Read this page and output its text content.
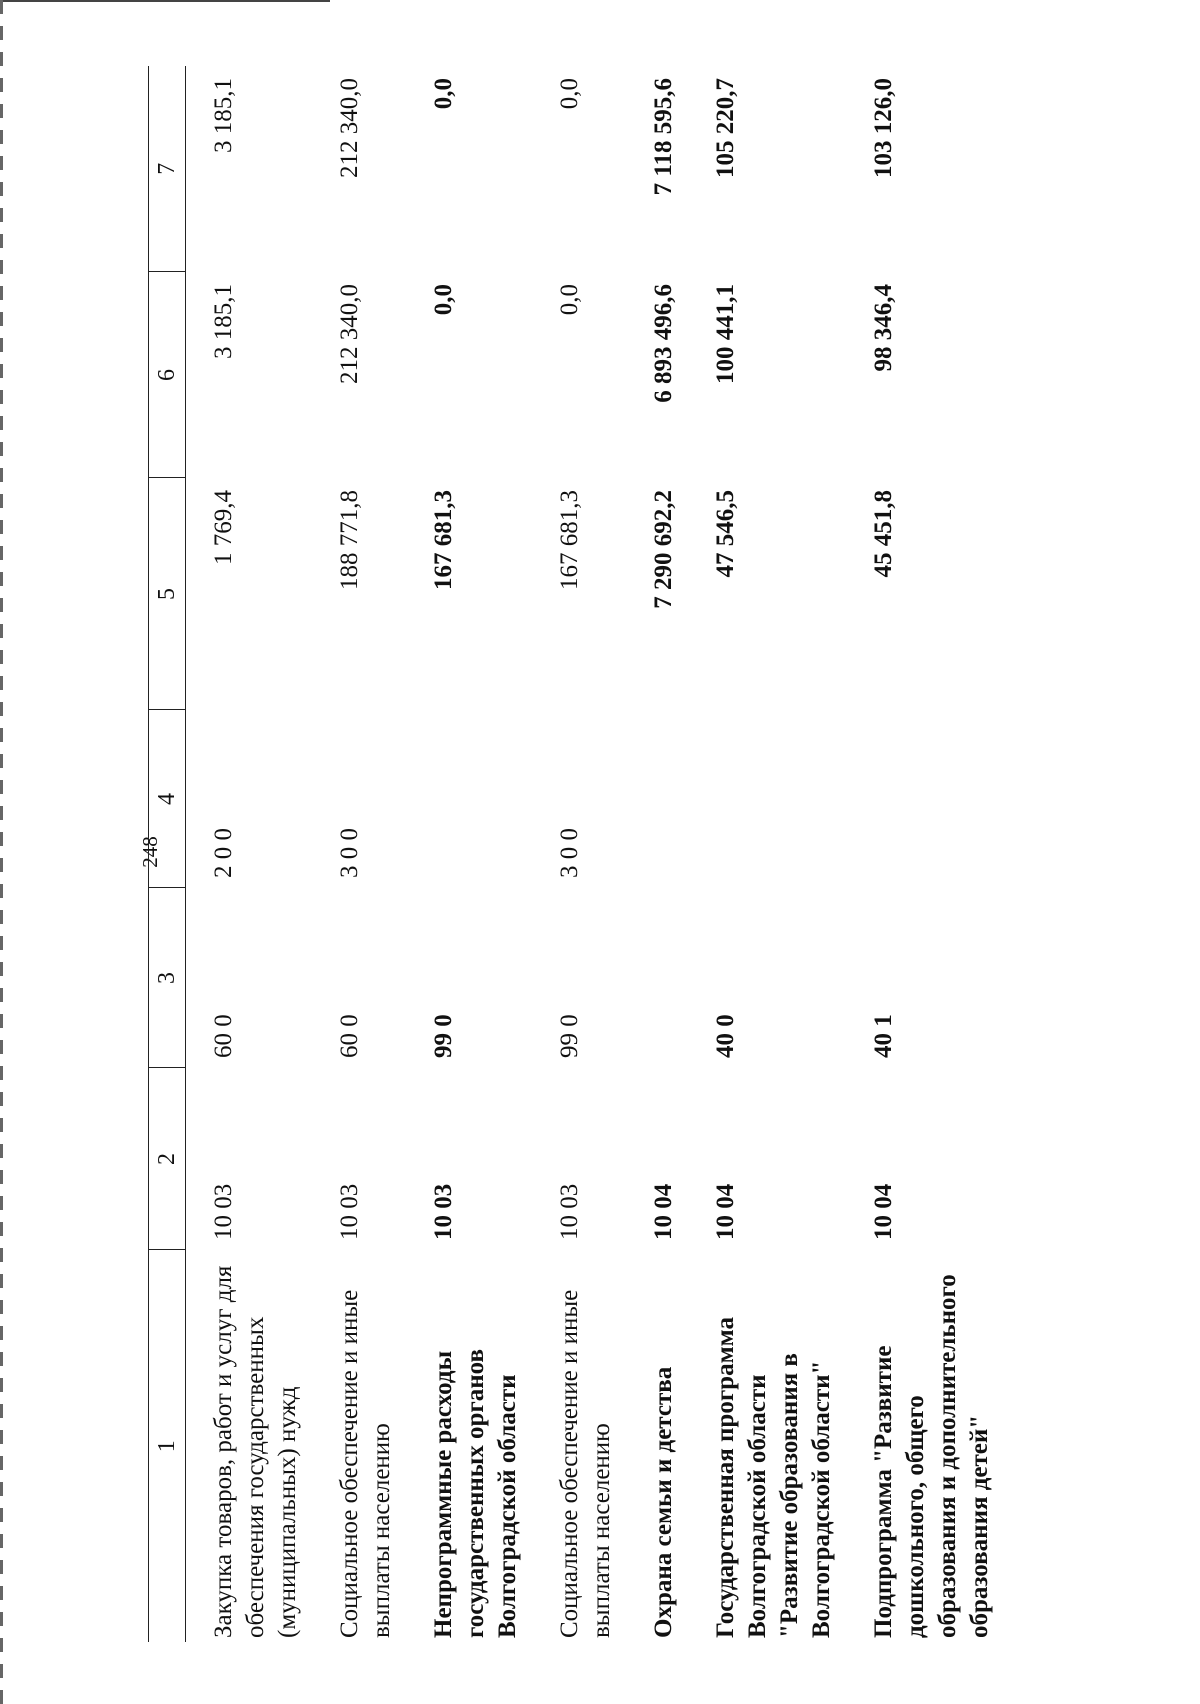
248
1	2	3	4	5	6	7
Закупка товаров, работ и услуг для обеспечения государственных (муниципальных) нужд	10 03	60 0	2 0 0	1 769,4	3 185,1	3 185,1
Социальное обеспечение и иные выплаты населению	10 03	60 0	3 0 0	188 771,8	212 340,0	212 340,0
Непрограммные расходы государственных органов Волгоградской области	10 03	99 0		167 681,3	0,0	0,0
Социальное обеспечение и иные выплаты населению	10 03	99 0	3 0 0	167 681,3	0,0	0,0
Охрана семьи и детства	10 04			7 290 692,2	6 893 496,6	7 118 595,6
Государственная программа Волгоградской области "Развитие образования в Волгоградской области"	10 04	40 0		47 546,5	100 441,1	105 220,7
Подпрограмма "Развитие дошкольного, общего образования и дополнительного образования детей"	10 04	40 1		45 451,8	98 346,4	103 126,0
